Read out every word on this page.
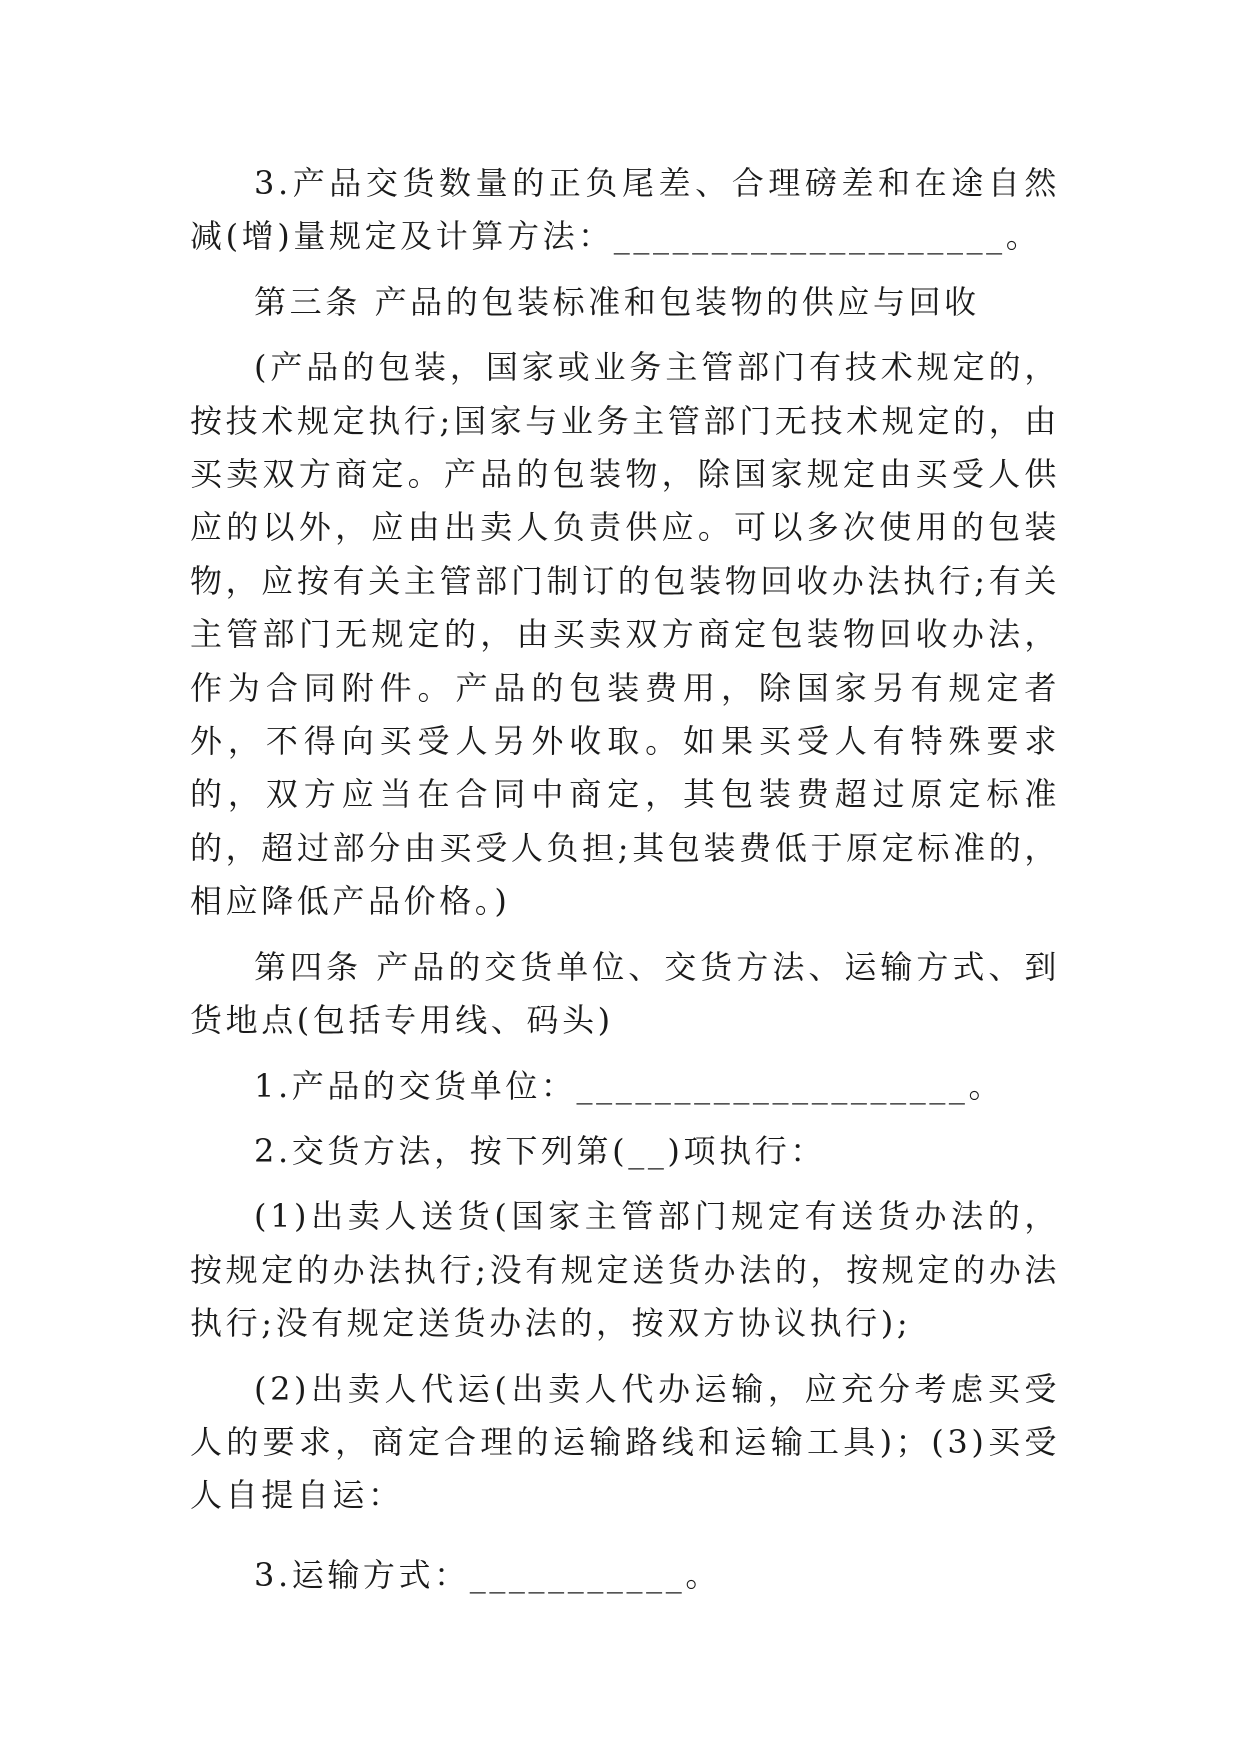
3.产品交货数量的正负尾差、合理磅差和在途自然减(增)量规定及计算方法：____________________。

第三条 产品的包装标准和包装物的供应与回收

(产品的包装，国家或业务主管部门有技术规定的，按技术规定执行;国家与业务主管部门无技术规定的，由买卖双方商定。产品的包装物，除国家规定由买受人供应的以外，应由出卖人负责供应。可以多次使用的包装物，应按有关主管部门制订的包装物回收办法执行;有关主管部门无规定的，由买卖双方商定包装物回收办法，作为合同附件。产品的包装费用，除国家另有规定者外，不得向买受人另外收取。如果买受人有特殊要求的，双方应当在合同中商定，其包装费超过原定标准的，超过部分由买受人负担;其包装费低于原定标准的，相应降低产品价格。)

第四条 产品的交货单位、交货方法、运输方式、到货地点(包括专用线、码头)

1.产品的交货单位：____________________。

2.交货方法，按下列第(__)项执行：

(1)出卖人送货(国家主管部门规定有送货办法的，按规定的办法执行;没有规定送货办法的，按规定的办法执行;没有规定送货办法的，按双方协议执行);

(2)出卖人代运(出卖人代办运输，应充分考虑买受人的要求，商定合理的运输路线和运输工具)；(3)买受人自提自运：

3.运输方式：___________。
